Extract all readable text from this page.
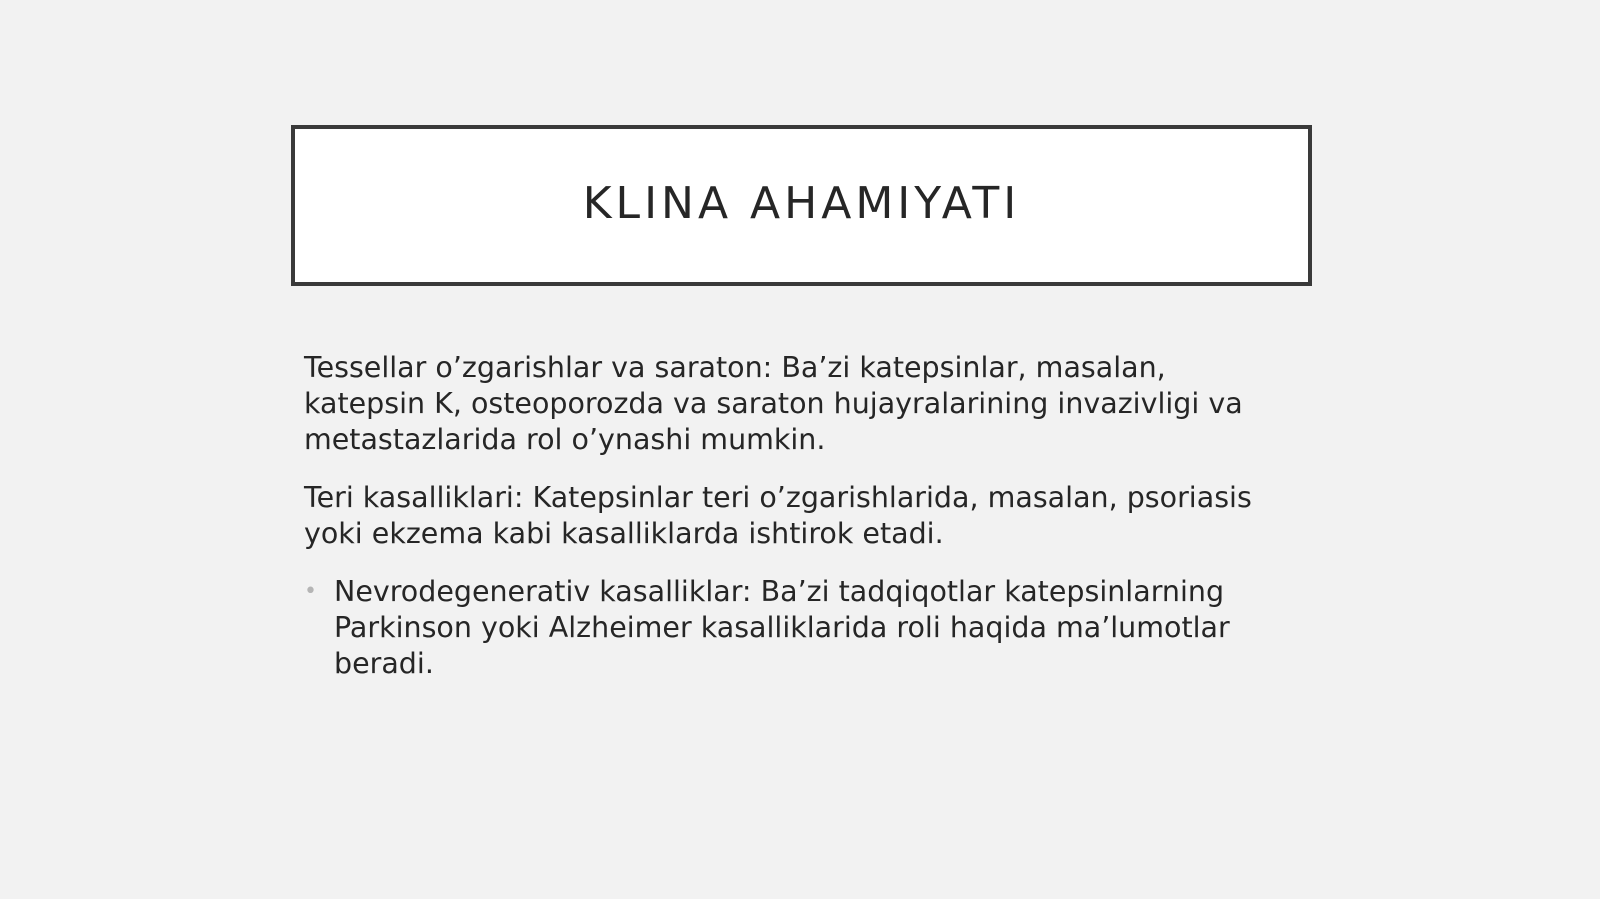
KLINA AHAMIYATI

Tessellar o’zgarishlar va saraton: Ba’zi katepsinlar, masalan, katepsin K, osteoporozda va saraton hujayralarining invazivligi va metastazlarida rol o’ynashi mumkin.

Teri kasalliklari: Katepsinlar teri o’zgarishlarida, masalan, psoriasis yoki ekzema kabi kasalliklarda ishtirok etadi.

• Nevrodegenerativ kasalliklar: Ba’zi tadqiqotlar katepsinlarning Parkinson yoki Alzheimer kasalliklarida roli haqida ma’lumotlar beradi.
